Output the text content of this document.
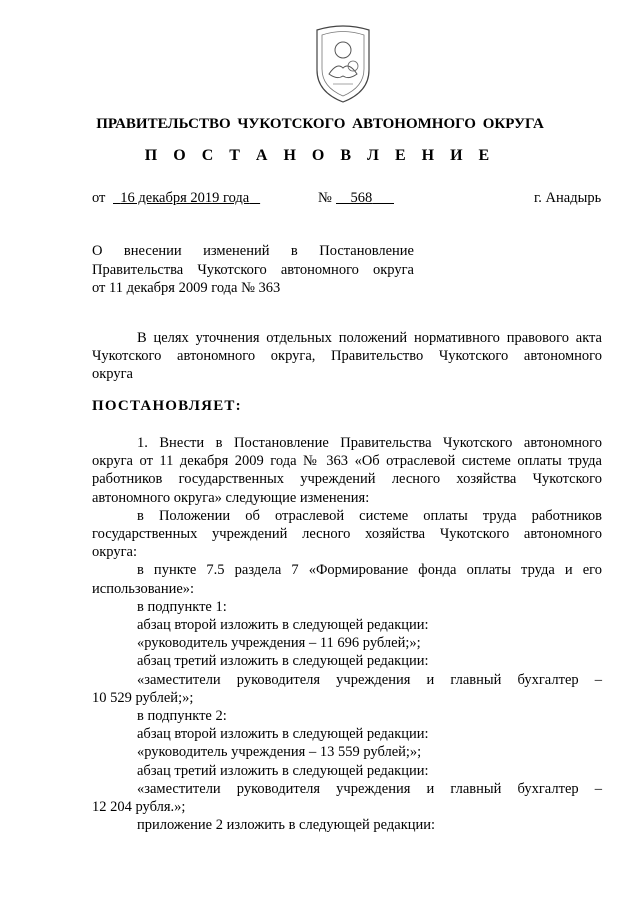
ПРАВИТЕЛЬСТВО ЧУКОТСКОГО АВТОНОМНОГО ОКРУГА
П О С Т А Н О В Л Е Н И Е
от	16 декабря 2019 года	№	568	г. Анадырь
О внесении изменений в Постановление
Правительства Чукотского автономного округа
от 11 декабря 2009 года № 363
В целях уточнения отдельных положений нормативного правового акта
Чукотского автономного округа, Правительство Чукотского автономного
округа
ПОСТАНОВЛЯЕТ:
1. Внести в Постановление Правительства Чукотского автономного
округа от 11 декабря 2009 года № 363 «Об отраслевой системе оплаты труда
работников государственных учреждений лесного хозяйства Чукотского
автономного округа» следующие изменения:
в Положении об отраслевой системе оплаты труда работников
государственных учреждений лесного хозяйства Чукотского автономного
округа:
в пункте 7.5 раздела 7 «Формирование фонда оплаты труда и его
использование»:
в подпункте 1:
абзац второй изложить в следующей редакции:
«руководитель учреждения – 11 696 рублей;»;
абзац третий изложить в следующей редакции:
«заместители руководителя учреждения и главный бухгалтер –
10 529 рублей;»;
в подпункте 2:
абзац второй изложить в следующей редакции:
«руководитель учреждения – 13 559 рублей;»;
абзац третий изложить в следующей редакции:
«заместители руководителя учреждения и главный бухгалтер –
12 204 рубля.»;
приложение 2 изложить в следующей редакции:
